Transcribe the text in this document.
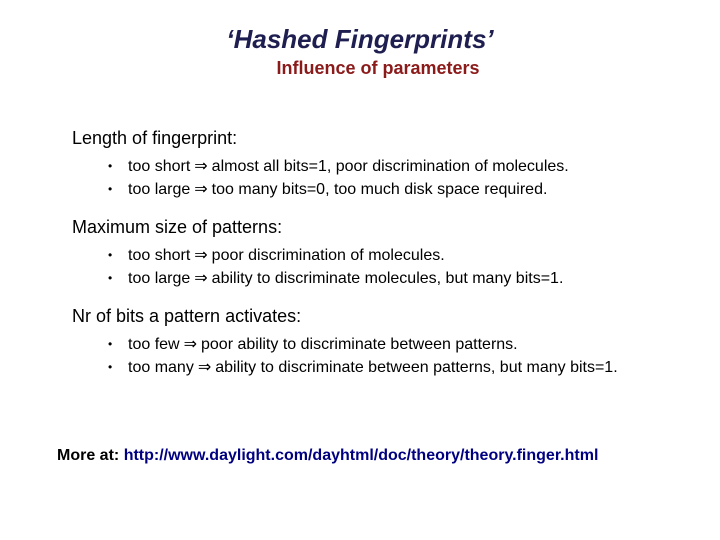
‘Hashed Fingerprints’
Influence of parameters

Length of fingerprint:

• too short ⇒ almost all bits=1, poor discrimination of molecules.
• too large ⇒ too many bits=0, too much disk space required.

Maximum size of patterns:

• too short ⇒ poor discrimination of molecules.
• too large ⇒ ability to discriminate molecules, but many bits=1.

Nr of bits a pattern activates:

• too few ⇒ poor ability to discriminate between patterns.
• too many ⇒ ability to discriminate between patterns, but many bits=1.
More at: http://www.daylight.com/dayhtml/doc/theory/theory.finger.html
